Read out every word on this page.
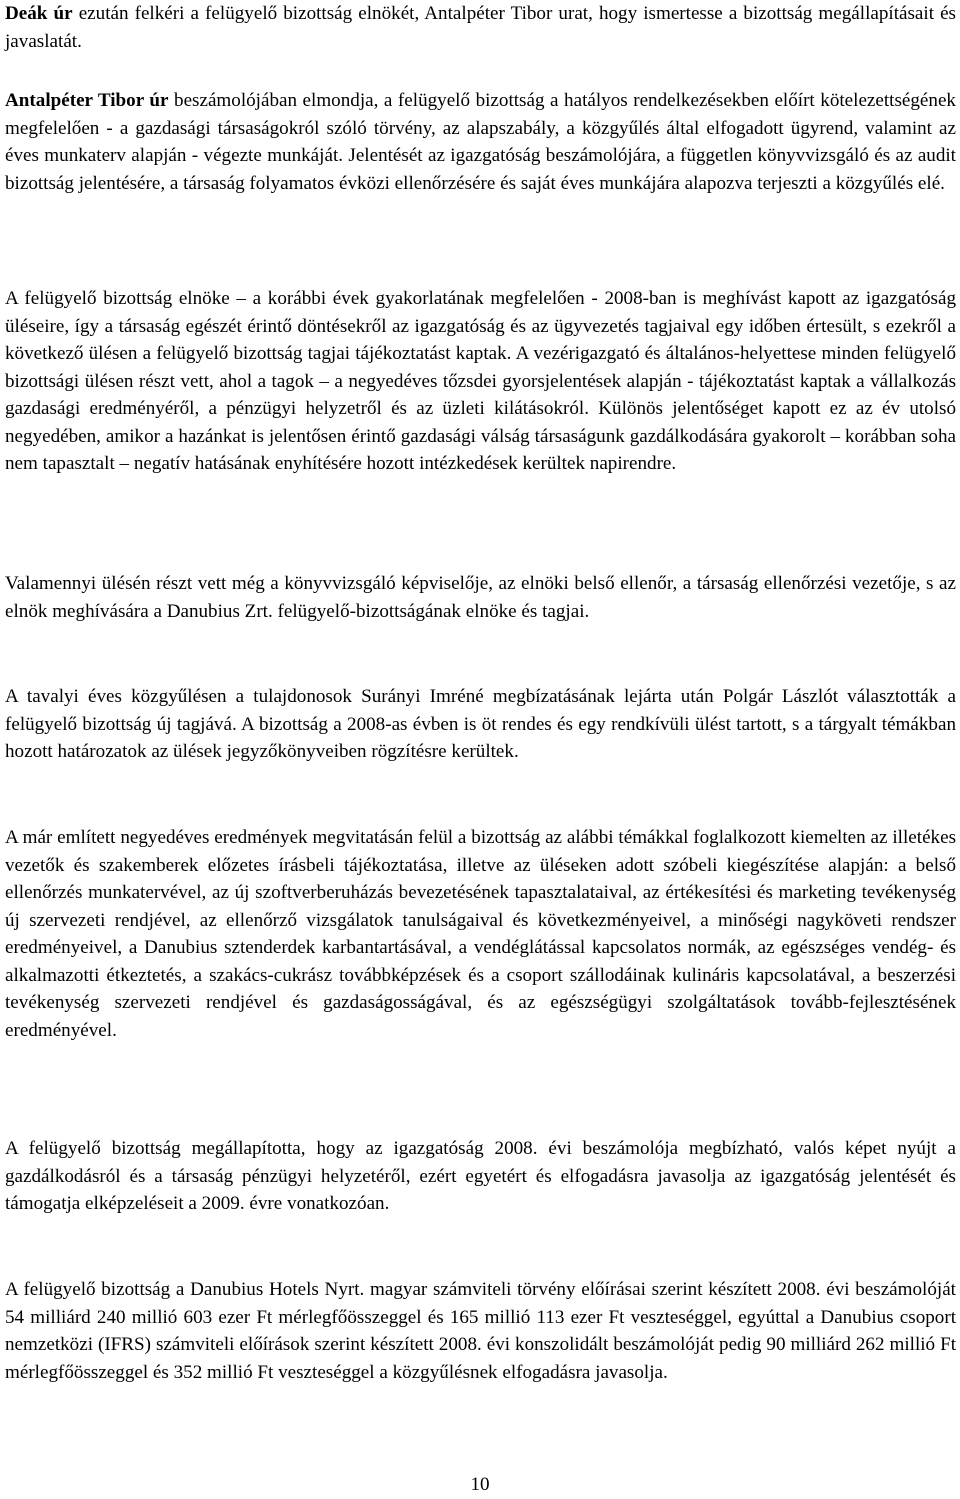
Deák úr ezután felkéri a felügyelő bizottság elnökét, Antalpéter Tibor urat, hogy ismertesse a bizottság megállapításait és javaslatát.

Antalpéter Tibor úr beszámolójában elmondja, a felügyelő bizottság a hatályos rendelkezésekben előírt kötelezettségének megfelelően - a gazdasági társaságokról szóló törvény, az alapszabály, a közgyűlés által elfogadott ügyrend, valamint az éves munkaterv alapján - végezte munkáját. Jelentését az igazgatóság beszámolójára, a független könyvvizsgáló és az audit bizottság jelentésére, a társaság folyamatos évközi ellenőrzésére és saját éves munkájára alapozva terjeszti a közgyűlés elé.

A felügyelő bizottság elnöke – a korábbi évek gyakorlatának megfelelően - 2008-ban is meghívást kapott az igazgatóság üléseire, így a társaság egészét érintő döntésekről az igazgatóság és az ügyvezetés tagjaival egy időben értesült, s ezekről a következő ülésen a felügyelő bizottság tagjai tájékoztatást kaptak. A vezérigazgató és általános-helyettese minden felügyelő bizottsági ülésen részt vett, ahol a tagok – a negyedéves tőzsdei gyorsjelentések alapján - tájékoztatást kaptak a vállalkozás gazdasági eredményéről, a pénzügyi helyzetről és az üzleti kilátásokról. Különös jelentőséget kapott ez az év utolsó negyedében, amikor a hazánkat is jelentősen érintő gazdasági válság társaságunk gazdálkodására gyakorolt – korábban soha nem tapasztalt – negatív hatásának enyhítésére hozott intézkedések kerültek napirendre.

Valamennyi ülésén részt vett még a könyvvizsgáló képviselője, az elnöki belső ellenőr, a társaság ellenőrzési vezetője, s az elnök meghívására a Danubius Zrt. felügyelő-bizottságának elnöke és tagjai.

A tavalyi éves közgyűlésen a tulajdonosok Surányi Imréné megbízatásának lejárta után Polgár Lászlót választották a felügyelő bizottság új tagjává. A bizottság a 2008-as évben is öt rendes és egy rendkívüli ülést tartott, s a tárgyalt témákban hozott határozatok az ülések jegyzőkönyveiben rögzítésre kerültek.

A már említett negyedéves eredmények megvitatásán felül a bizottság az alábbi témákkal foglalkozott kiemelten az illetékes vezetők és szakemberek előzetes írásbeli tájékoztatása, illetve az üléseken adott szóbeli kiegészítése alapján: a belső ellenőrzés munkatervével, az új szoftverberuházás bevezetésének tapasztalataival, az értékesítési és marketing tevékenység új szervezeti rendjével, az ellenőrző vizsgálatok tanulságaival és következményeivel, a minőségi nagyköveti rendszer eredményeivel, a Danubius sztenderdek karbantartásával, a vendéglátással kapcsolatos normák, az egészséges vendég- és alkalmazotti étkeztetés, a szakács-cukrász továbbképzések és a csoport szállodáinak kulináris kapcsolatával, a beszerzési tevékenység szervezeti rendjével és gazdaságosságával, és az egészségügyi szolgáltatások tovább-fejlesztésének eredményével.

A felügyelő bizottság megállapította, hogy az igazgatóság 2008. évi beszámolója megbízható, valós képet nyújt a gazdálkodásról és a társaság pénzügyi helyzetéről, ezért egyetért és elfogadásra javasolja az igazgatóság jelentését és támogatja elképzeléseit a 2009. évre vonatkozóan.

A felügyelő bizottság a Danubius Hotels Nyrt. magyar számviteli törvény előírásai szerint készített 2008. évi beszámolóját 54 milliárd 240 millió 603 ezer Ft mérlegfőösszeggel és 165 millió 113 ezer Ft veszteséggel, egyúttal a Danubius csoport nemzetközi (IFRS) számviteli előírások szerint készített 2008. évi konszolidált beszámolóját pedig 90 milliárd 262 millió Ft mérlegfőösszeggel és 352 millió Ft veszteséggel a közgyűlésnek elfogadásra javasolja.

10
